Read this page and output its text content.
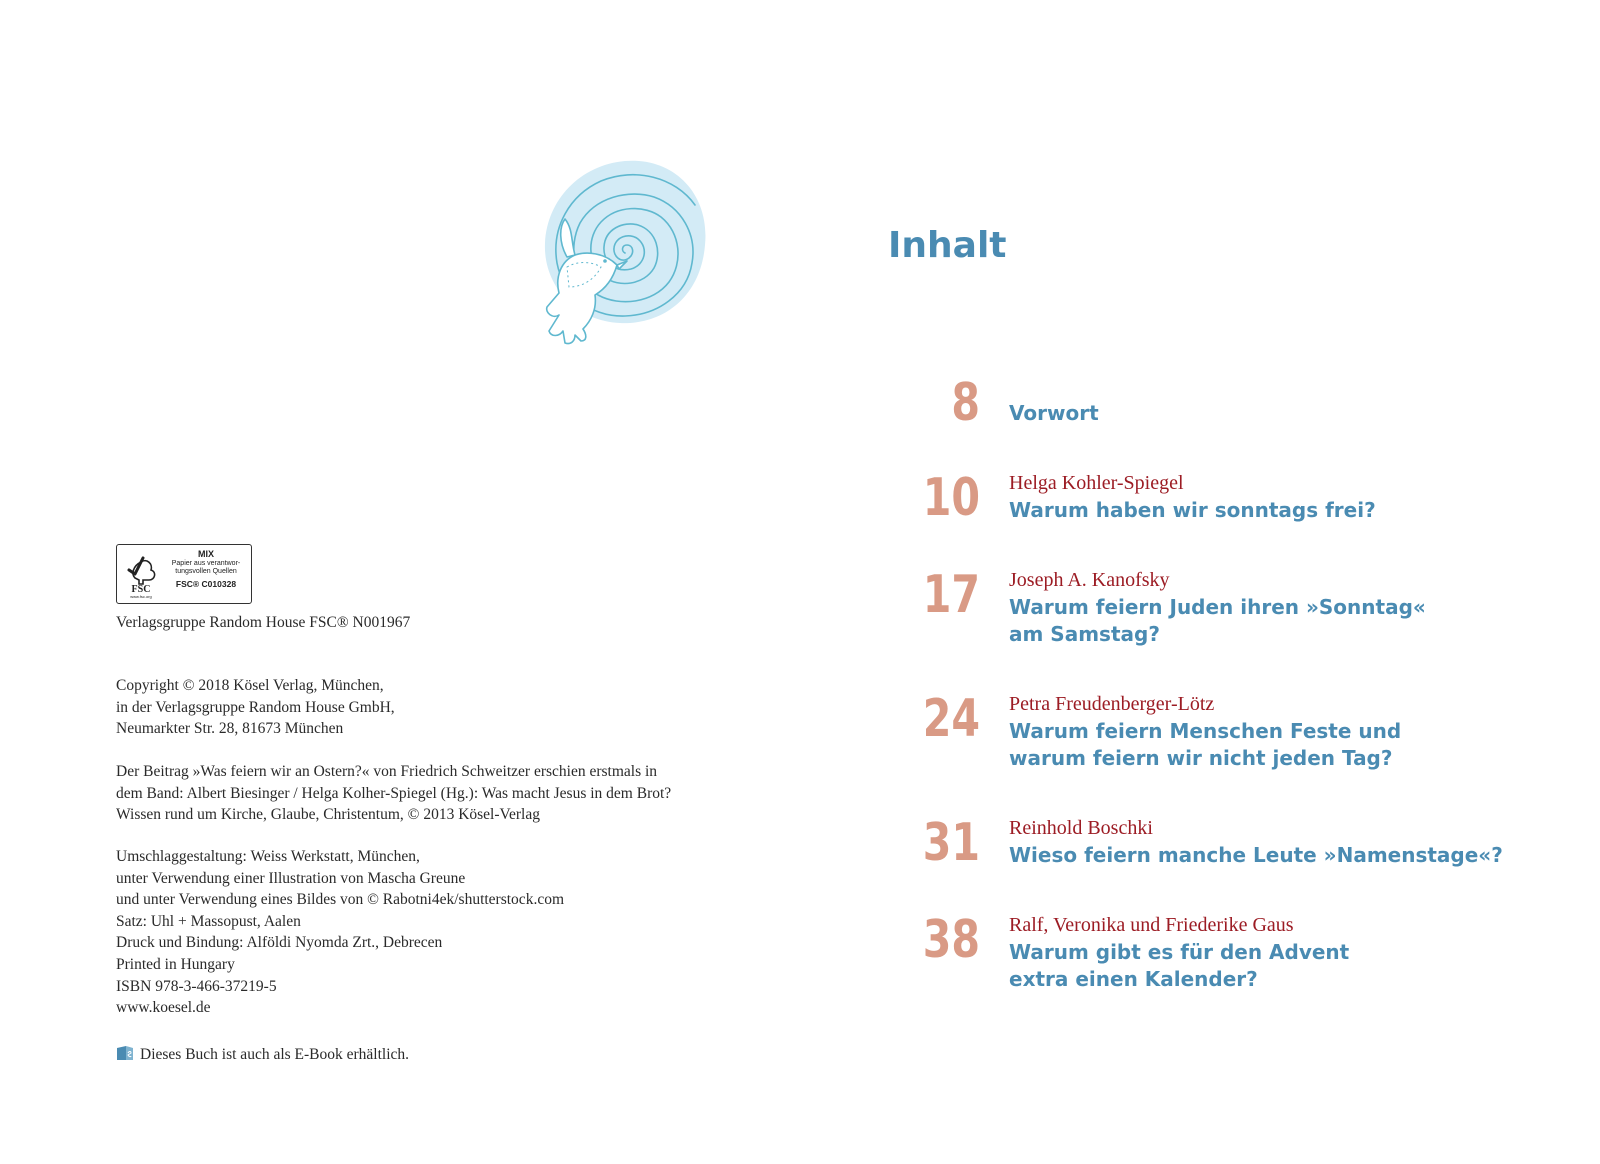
FSC
www.fsc.org
MIX
Papier aus verantwor-
tungsvollen Quellen
FSC® C010328

Verlagsgruppe Random House FSC® N001967

Copyright © 2018 Kösel Verlag, München,

in der Verlagsgruppe Random House GmbH,

Neumarkter Str. 28, 81673 München

Der Beitrag »Was feiern wir an Ostern?« von Friedrich Schweitzer erschien erstmals in

dem Band: Albert Biesinger / Helga Kolher-Spiegel (Hg.): Was macht Jesus in dem Brot?

Wissen rund um Kirche, Glaube, Christentum, © 2013 Kösel-Verlag

Umschlaggestaltung: Weiss Werkstatt, München,

unter Verwendung einer Illustration von Mascha Greune

und unter Verwendung eines Bildes von © Rabotni4ek/shutterstock.com

Satz: Uhl + Massopust, Aalen

Druck und Bindung: Alföldi Nyomda Zrt., Debrecen

Printed in Hungary

ISBN 978-3-466-37219-5

www.koesel.de

Dieses Buch ist auch als E-Book erhältlich.
Inhalt
8 Vorwort
10 Helga Kohler-Spiegel
Warum haben wir sonntags frei?
17 Joseph A. Kanofsky
Warum feiern Juden ihren »Sonntag«
am Samstag?
24 Petra Freudenberger-Lötz
Warum feiern Menschen Feste und
warum feiern wir nicht jeden Tag?
31 Reinhold Boschki
Wieso feiern manche Leute »Namenstage«?
38 Ralf, Veronika und Friederike Gaus
Warum gibt es für den Advent
extra einen Kalender?
